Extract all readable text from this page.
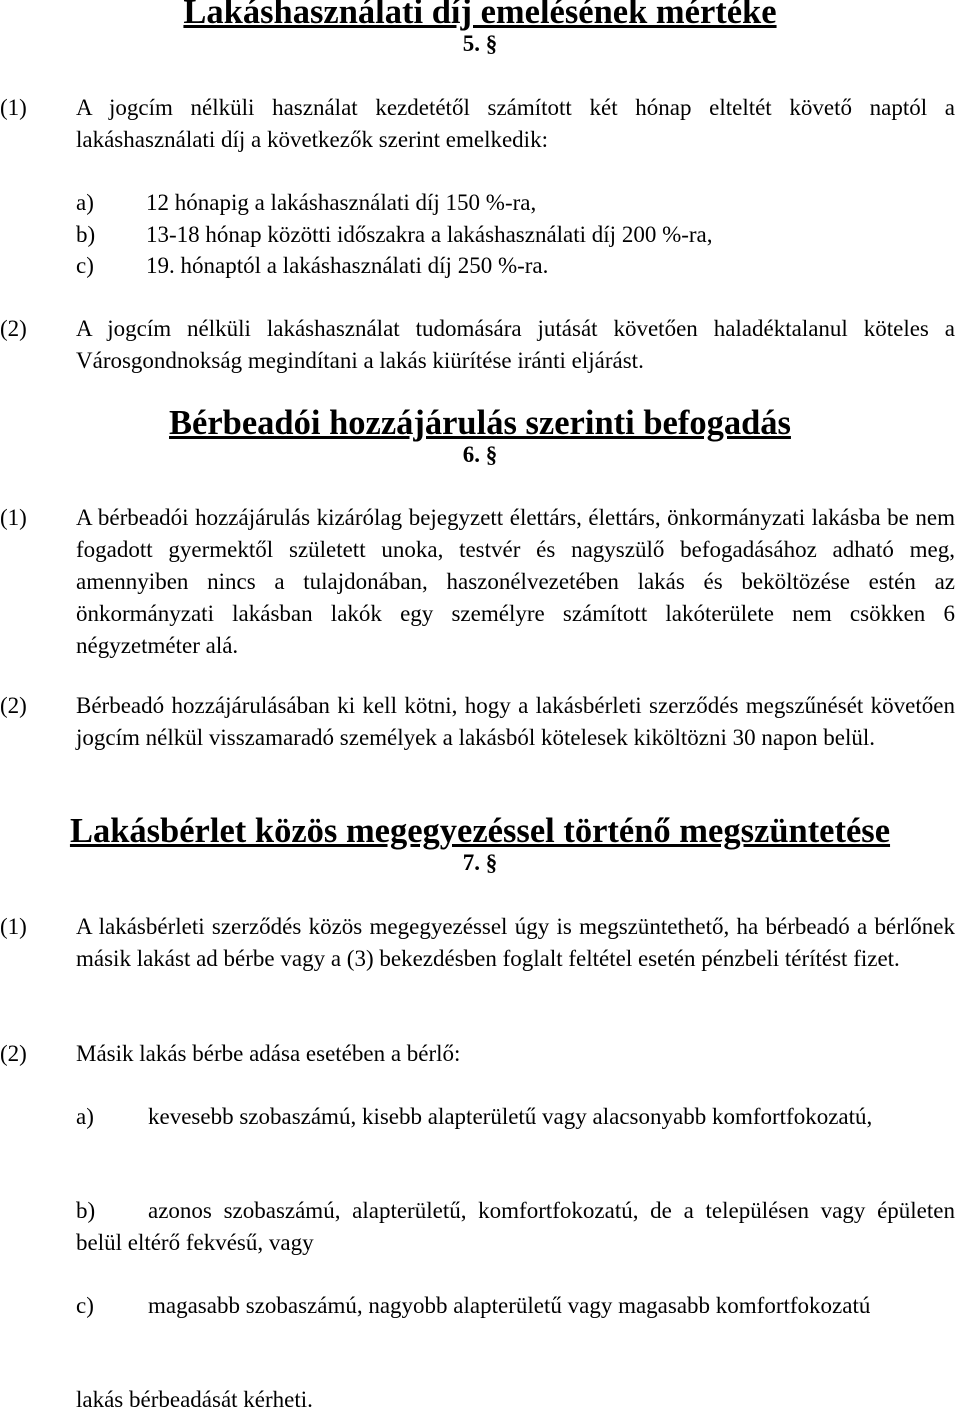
Lakáshasználati díj emelésének mértéke
5. §
(1) A jogcím nélküli használat kezdetétől számított két hónap elteltét követő naptól a lakáshasználati díj a következők szerint emelkedik:

a) 12 hónapig a lakáshasználati díj 150 %-ra,
b) 13-18 hónap közötti időszakra a lakáshasználati díj 200 %-ra,
c) 19. hónaptól a lakáshasználati díj 250 %-ra.
(2) A jogcím nélküli lakáshasználat tudomására jutását követően haladéktalanul köteles a Városgondnokság megindítani a lakás kiürítése iránti eljárást.

Bérbeadói hozzájárulás szerinti befogadás
6. §
(1) A bérbeadói hozzájárulás kizárólag bejegyzett élettárs, élettárs, önkormányzati lakásba be nem fogadott gyermektől született unoka, testvér és nagyszülő befogadásához adható meg, amennyiben nincs a tulajdonában, haszonélvezetében lakás és beköltözése estén az önkormányzati lakásban lakók egy személyre számított lakóterülete nem csökken 6 négyzetméter alá.

(2) Bérbeadó hozzájárulásában ki kell kötni, hogy a lakásbérleti szerződés megszűnését követően jogcím nélkül visszamaradó személyek a lakásból kötelesek kiköltözni 30 napon belül.

Lakásbérlet közös megegyezéssel történő megszüntetése
7. §
(1) A lakásbérleti szerződés közös megegyezéssel úgy is megszüntethető, ha bérbeadó a bérlőnek másik lakást ad bérbe vagy a (3) bekezdésben foglalt feltétel esetén pénzbeli térítést fizet.

(2) Másik lakás bérbe adása esetében a bérlő:

a) kevesebb szobaszámú, kisebb alapterületű vagy alacsonyabb komfortfokozatú,

b) azonos szobaszámú, alapterületű, komfortfokozatú, de a településen vagy épületen belül eltérő fekvésű, vagy

c) magasabb szobaszámú, nagyobb alapterületű vagy magasabb komfortfokozatú

lakás bérbeadását kérheti.
